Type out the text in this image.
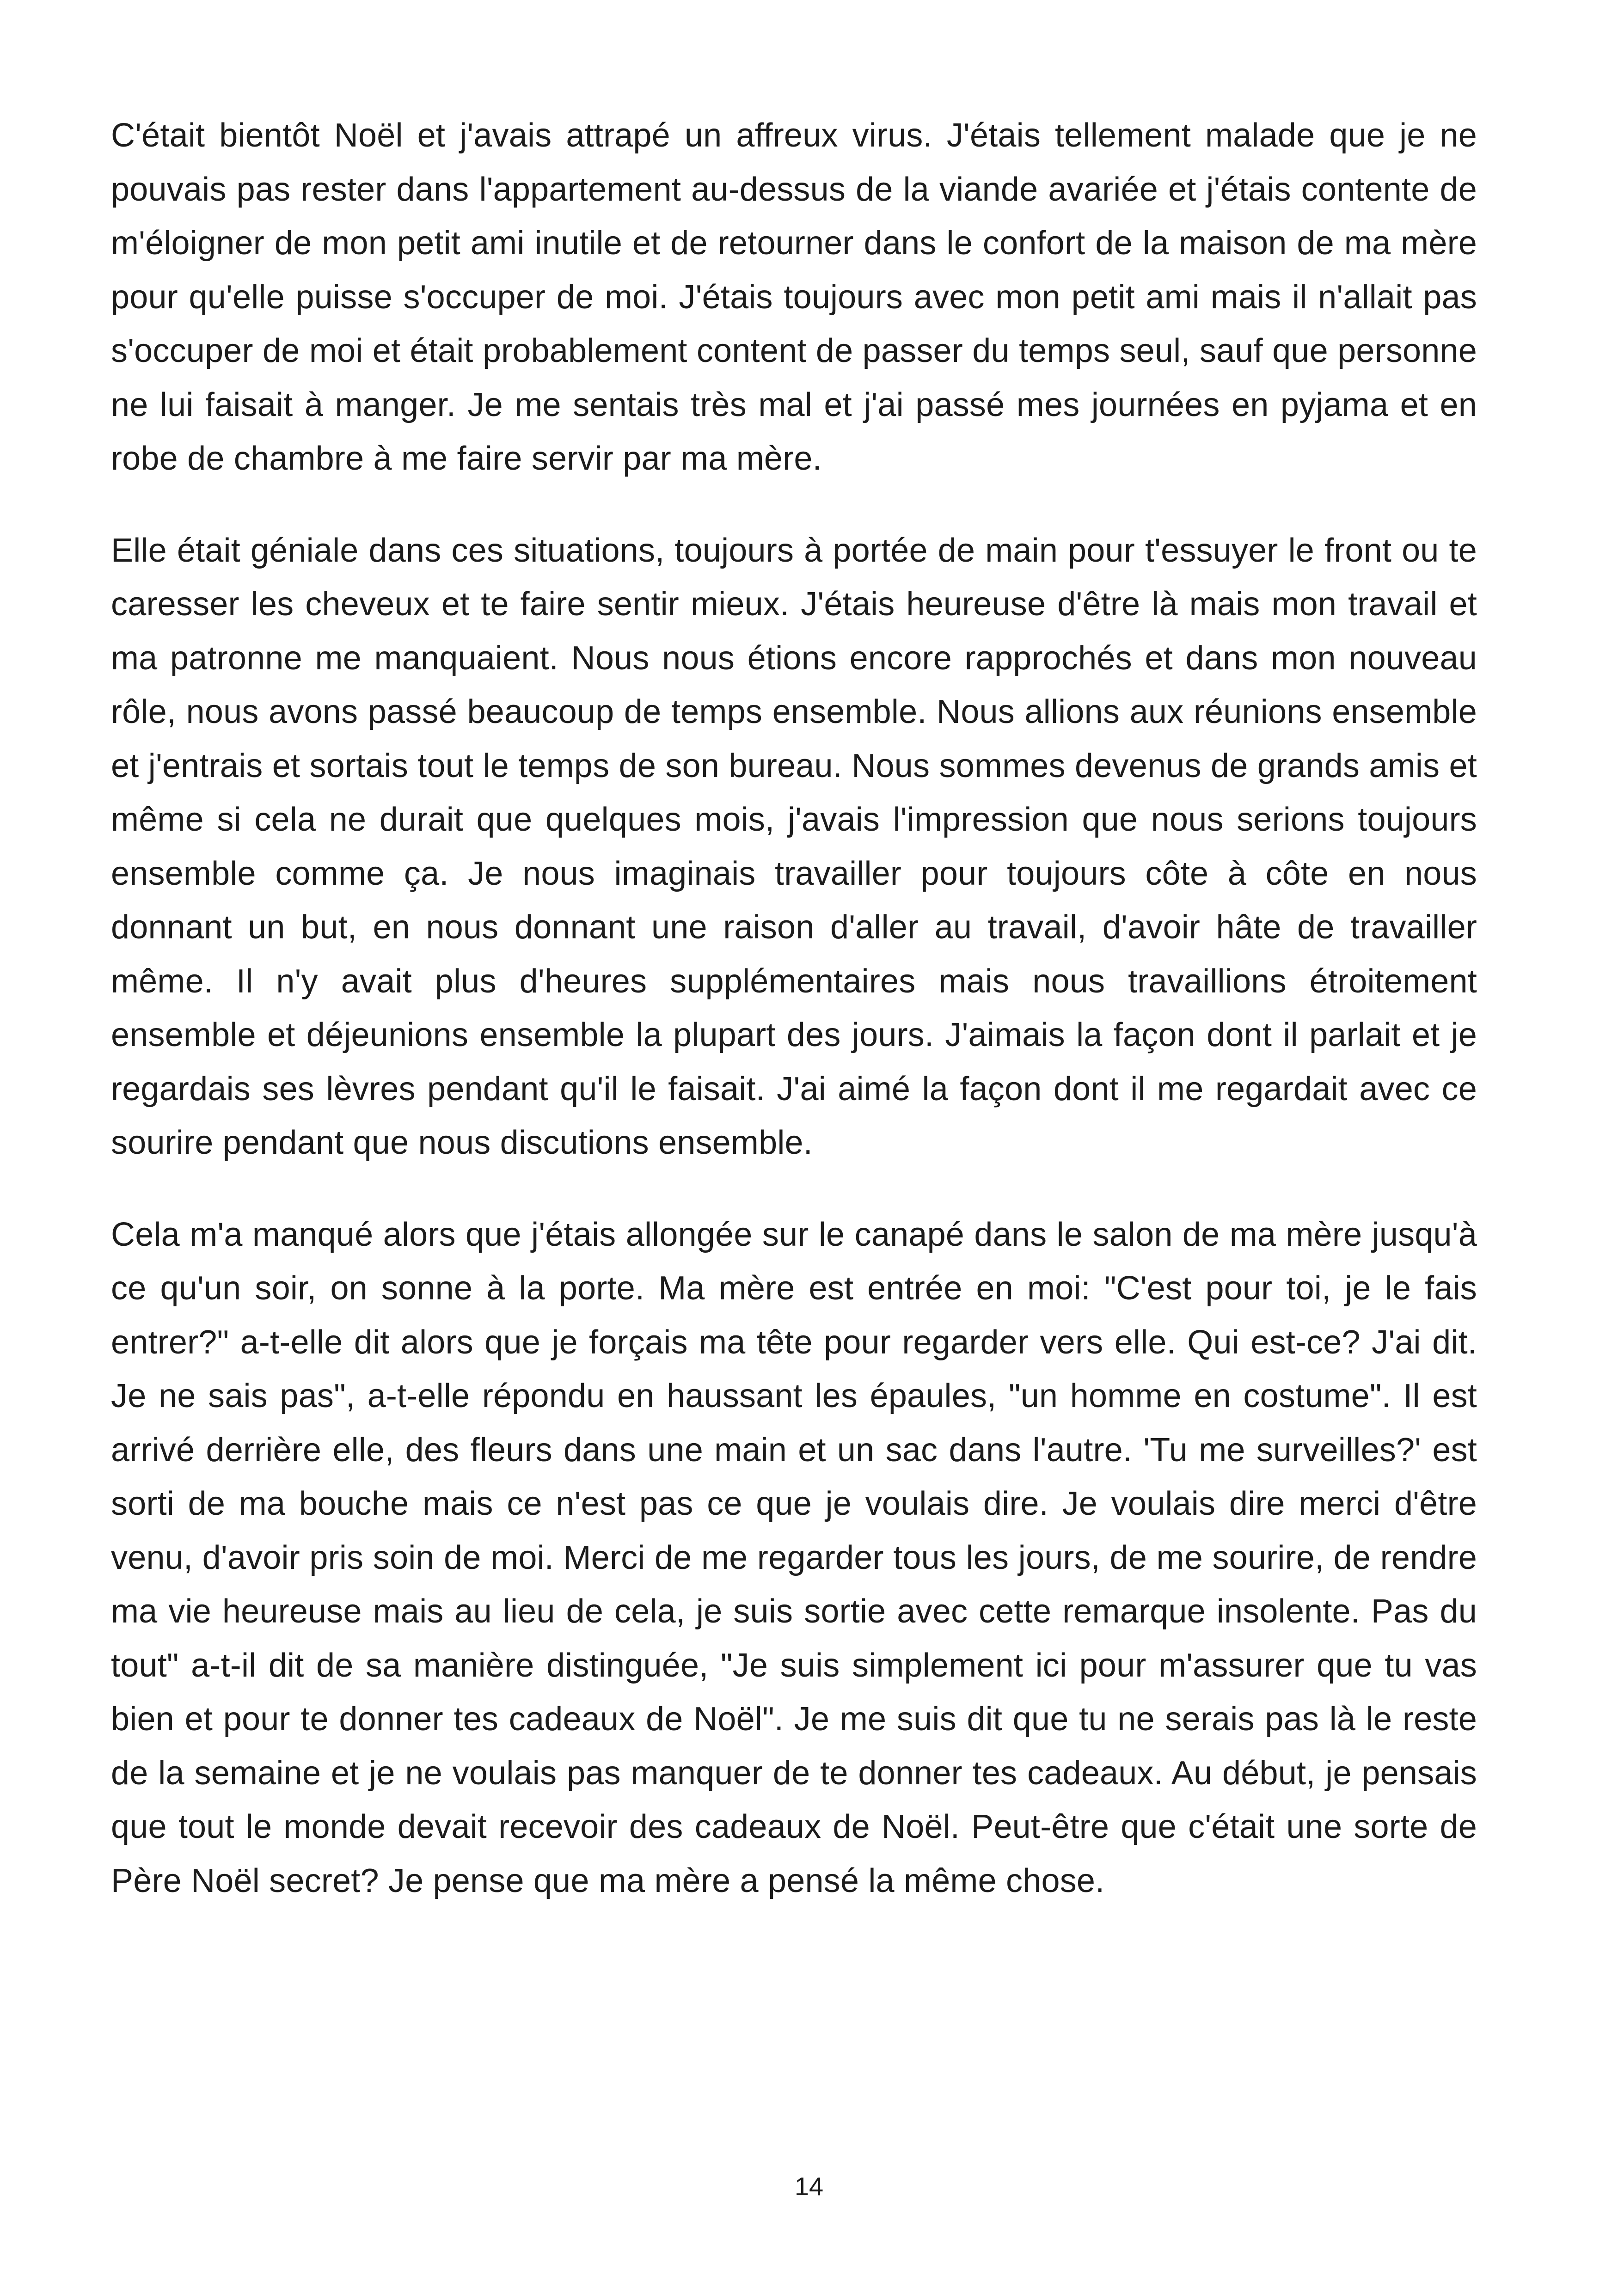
C'était bientôt Noël et j'avais attrapé un affreux virus. J'étais tellement malade que je ne pouvais pas rester dans l'appartement au-dessus de la viande avariée et j'étais contente de m'éloigner de mon petit ami inutile et de retourner dans le confort de la maison de ma mère pour qu'elle puisse s'occuper de moi. J'étais toujours avec mon petit ami mais il n'allait pas s'occuper de moi et était probablement content de passer du temps seul, sauf que personne ne lui faisait à manger. Je me sentais très mal et j'ai passé mes journées en pyjama et en robe de chambre à me faire servir par ma mère.

Elle était géniale dans ces situations, toujours à portée de main pour t'essuyer le front ou te caresser les cheveux et te faire sentir mieux. J'étais heureuse d'être là mais mon travail et ma patronne me manquaient. Nous nous étions encore rapprochés et dans mon nouveau rôle, nous avons passé beaucoup de temps ensemble. Nous allions aux réunions ensemble et j'entrais et sortais tout le temps de son bureau. Nous sommes devenus de grands amis et même si cela ne durait que quelques mois, j'avais l'impression que nous serions toujours ensemble comme ça. Je nous imaginais travailler pour toujours côte à côte en nous donnant un but, en nous donnant une raison d'aller au travail, d'avoir hâte de travailler même. Il n'y avait plus d'heures supplémentaires mais nous travaillions étroitement ensemble et déjeunions ensemble la plupart des jours. J'aimais la façon dont il parlait et je regardais ses lèvres pendant qu'il le faisait. J'ai aimé la façon dont il me regardait avec ce sourire pendant que nous discutions ensemble.

Cela m'a manqué alors que j'étais allongée sur le canapé dans le salon de ma mère jusqu'à ce qu'un soir, on sonne à la porte. Ma mère est entrée en moi: "C'est pour toi, je le fais entrer?" a-t-elle dit alors que je forçais ma tête pour regarder vers elle. Qui est-ce? J'ai dit. Je ne sais pas", a-t-elle répondu en haussant les épaules, "un homme en costume". Il est arrivé derrière elle, des fleurs dans une main et un sac dans l'autre. 'Tu me surveilles?' est sorti de ma bouche mais ce n'est pas ce que je voulais dire. Je voulais dire merci d'être venu, d'avoir pris soin de moi. Merci de me regarder tous les jours, de me sourire, de rendre ma vie heureuse mais au lieu de cela, je suis sortie avec cette remarque insolente. Pas du tout" a-t-il dit de sa manière distinguée, "Je suis simplement ici pour m'assurer que tu vas bien et pour te donner tes cadeaux de Noël". Je me suis dit que tu ne serais pas là le reste de la semaine et je ne voulais pas manquer de te donner tes cadeaux. Au début, je pensais que tout le monde devait recevoir des cadeaux de Noël. Peut-être que c'était une sorte de Père Noël secret? Je pense que ma mère a pensé la même chose.

14
